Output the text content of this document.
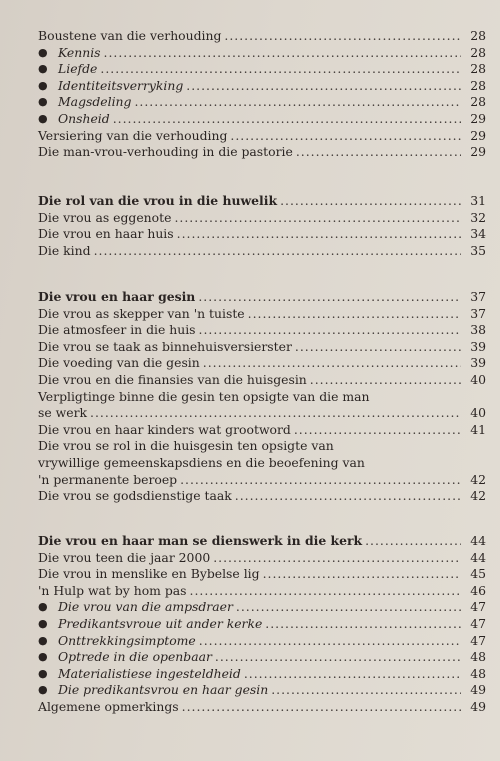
Boustene van die verhouding .....	28
● Kennis .....	28
● Liefde .....	28
● Identiteitsverryking .....	28
● Magsdeling .....	28
● Onsheid .....	29
Versiering van die verhouding .....	29
Die man-vrou-verhouding in die pastorie .....	29
Die rol van die vrou in die huwelik .....	31
Die vrou as eggenote .....	32
Die vrou en haar huis .....	34
Die kind .....	35
Die vrou en haar gesin .....	37
Die vrou as skepper van 'n tuiste .....	37
Die atmosfeer in die huis .....	38
Die vrou se taak as binnehuisversierster .....	39
Die voeding van die gesin .....	39
Die vrou en die finansies van die huisgesin .....	40
Verpligtinge binne die gesin ten opsigte van die man
se werk .....	40
Die vrou en haar kinders wat grootword .....	41
Die vrou se rol in die huisgesin ten opsigte van
vrywillige gemeenskapsdiens en die beoefening van
'n permanente beroep .....	42
Die vrou se godsdienstige taak .....	42
Die vrou en haar man se dienswerk in die kerk .....	44
Die vrou teen die jaar 2000 .....	44
Die vrou in menslike en Bybelse lig .....	45
'n Hulp wat by hom pas .....	46
● Die vrou van die ampsdraer .....	47
● Predikantsvroue uit ander kerke .....	47
● Onttrekkingsimptome .....	47
● Optrede in die openbaar .....	48
● Materialistiese ingesteldheid .....	48
● Die predikantsvrou en haar gesin .....	49
Algemene opmerkings .....	49
